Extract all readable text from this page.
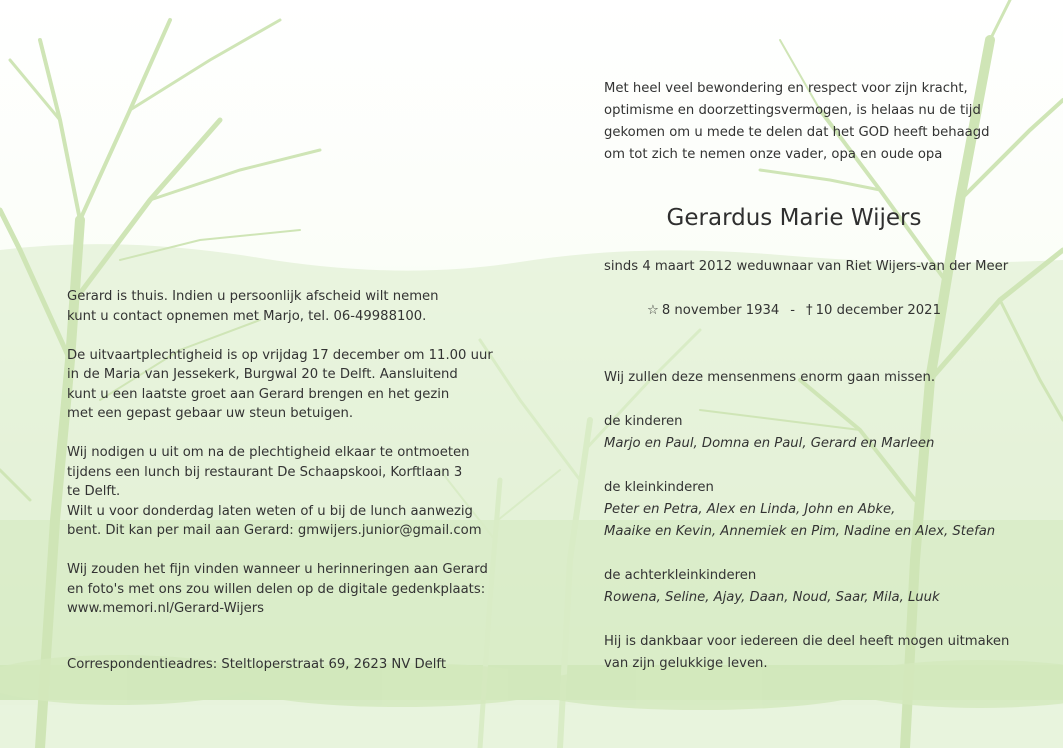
Gerard is thuis. Indien u persoonlijk afscheid wilt nemen
kunt u contact opnemen met Marjo, tel. 06-49988100.
De uitvaartplechtigheid is op vrijdag 17 december om 11.00 uur
in de Maria van Jessekerk, Burgwal 20 te Delft. Aansluitend
kunt u een laatste groet aan Gerard brengen en het gezin
met een gepast gebaar uw steun betuigen.
Wij nodigen u uit om na de plechtigheid elkaar te ontmoeten
tijdens een lunch bij restaurant De Schaapskooi, Korftlaan 3
te Delft.
Wilt u voor donderdag laten weten of u bij de lunch aanwezig
bent. Dit kan per mail aan Gerard: gmwijers.junior@gmail.com
Wij zouden het fijn vinden wanneer u herinneringen aan Gerard
en foto's met ons zou willen delen op de digitale gedenkplaats:
www.memori.nl/Gerard-Wijers
Correspondentieadres: Steltloperstraat 69, 2623 NV Delft
Met heel veel bewondering en respect voor zijn kracht,
optimisme en doorzettingsvermogen, is helaas nu de tijd
gekomen om u mede te delen dat het GOD heeft behaagd
om tot zich te nemen onze vader, opa en oude opa
Gerardus Marie Wijers
sinds 4 maart 2012 weduwnaar van Riet Wijers-van der Meer
☆ 8 november 1934 - † 10 december 2021
Wij zullen deze mensenmens enorm gaan missen.
de kinderen
Marjo en Paul, Domna en Paul, Gerard en Marleen
de kleinkinderen
Peter en Petra, Alex en Linda, John en Abke,
Maaike en Kevin, Annemiek en Pim, Nadine en Alex, Stefan
de achterkleinkinderen
Rowena, Seline, Ajay, Daan, Noud, Saar, Mila, Luuk
Hij is dankbaar voor iedereen die deel heeft mogen uitmaken
van zijn gelukkige leven.
